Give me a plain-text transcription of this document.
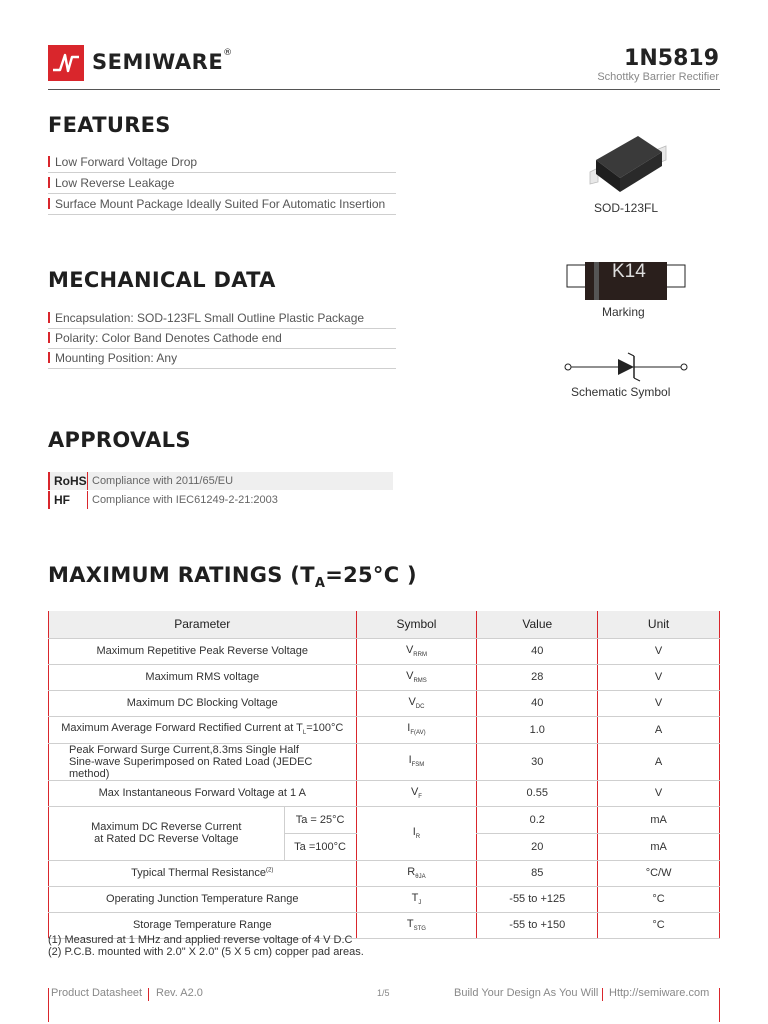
SEMIWARE®	1N5819
Schottky Barrier Rectifier
FEATURES
Low Forward Voltage Drop
Low Reverse Leakage
Surface Mount Package Ideally Suited For Automatic Insertion	SOD-123FL
K14
Marking
Schematic Symbol
MECHANICAL DATA
Encapsulation: SOD-123FL Small Outline Plastic Package
Polarity: Color Band Denotes Cathode end
Mounting Position: Any
APPROVALS
RoHS Compliance with 2011/65/EU
HF	Compliance with IEC61249-2-21:2003
MAXIMUM RATINGS ($T_A=25^\circ C$ )
Parameter		Symbol	Value	Unit
Maximum Repetitive Peak Reverse Voltage		$V_{RRM}$	40	V
Maximum RMS voltage		$V_{RMS}$	28	V
Maximum DC Blocking Voltage		$V_{DC}$	40	V
Maximum Average Forward Rectified Current at $T_L=100^\circ C$		$I_{F(AV)}$	1.0	A

Peak Forward Surge Current,8.3ms Single Half
Sine-wave Superimposed on Rated Load (JEDEC method)		$I_{FSM}$	30	A
Max Instantaneous Forward Voltage at 1 A		$V_F$	0.55	V

Maximum DC Reverse Current
at Rated DC Reverse Voltage	Ta = 25°C	$I_R$	0.2	mA
	Ta =100°C		20	mA
Typical Thermal Resistance$^{(2)}$		$R_{\theta JA}$	85	°C/W
Operating Junction Temperature Range		$T_J$	-55 to +125	°C
Storage Temperature Range		$T_{STG}$	-55 to +150	°C
(1) Measured at 1 MHz and applied reverse voltage of 4 V D.C
(2) P.C.B. mounted with 2.0" X 2.0" (5 X 5 cm) copper pad areas.
Product Datasheet Rev. A2.0	1/5	Build Your Design As You Will Http://semiware.com
